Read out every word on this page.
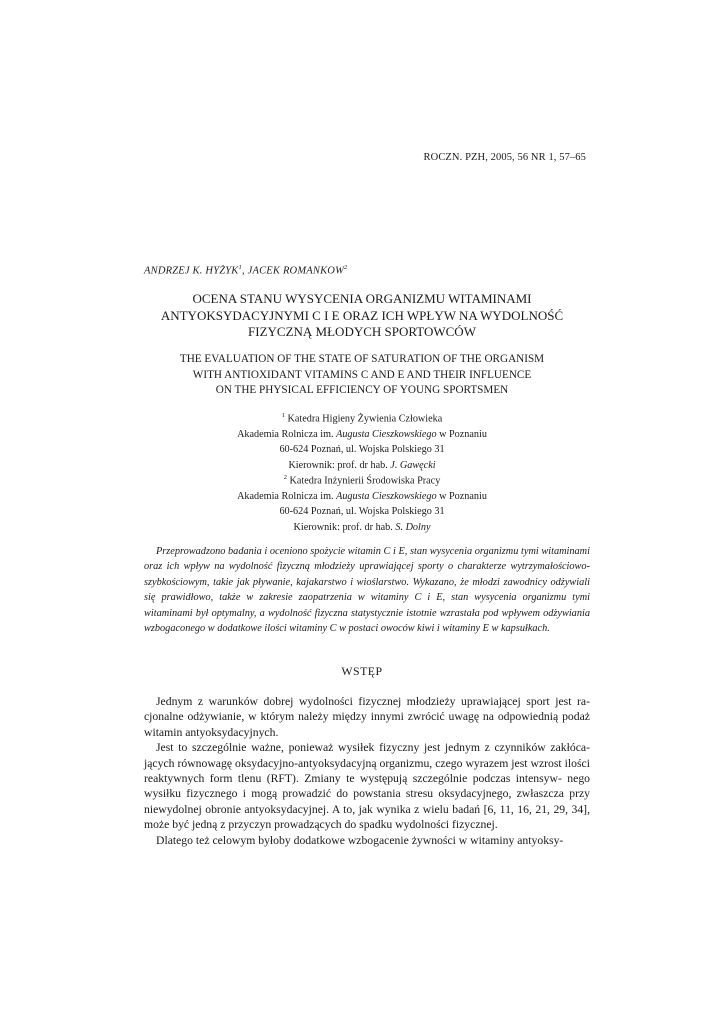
ROCZN. PZH, 2005, 56 NR 1, 57–65
ANDRZEJ K. HYŻYK$^1$, JACEK ROMANKOW$^2$
OCENA STANU WYSYCENIA ORGANIZMU WITAMINAMI
ANTYOKSYDACYJNYMI C I E ORAZ ICH WPŁYW NA WYDOLNOŚĆ
FIZYCZNĄ MŁODYCH SPORTOWCÓW
THE EVALUATION OF THE STATE OF SATURATION OF THE ORGANISM
WITH ANTIOXIDANT VITAMINS C AND E AND THEIR INFLUENCE
ON THE PHYSICAL EFFICIENCY OF YOUNG SPORTSMEN
$^1$ Katedra Higieny Żywienia Człowieka
Akademia Rolnicza im. Augusta Cieszkowskiego w Poznaniu
60-624 Poznań, ul. Wojska Polskiego 31
Kierownik: prof. dr hab. J. Gawęcki
$^2$ Katedra Inżynierii Środowiska Pracy
Akademia Rolnicza im. Augusta Cieszkowskiego w Poznaniu
60-624 Poznań, ul. Wojska Polskiego 31
Kierownik: prof. dr hab. S. Dolny
Przeprowadzono badania i oceniono spożycie witamin C i E, stan wysycenia organizmu tymi witaminami oraz ich wpływ na wydolność fizyczną młodzieży uprawiającej sporty o charakterze wytrzymałościowo-szybkościowym, takie jak pływanie, kajakarstwo i wioślarstwo. Wykazano, że młodzi zawodnicy odżywiali się prawidłowo, także w zakresie zaopatrzenia w witaminy C i E, stan wysycenia organizmu tymi witaminami był optymalny, a wydolność fizyczna statystycznie istotnie wzrastała pod wpływem odżywiania wzbogaconego w dodatkowe ilości witaminy C w postaci owoców kiwi i witaminy E w kapsułkach.
WSTĘP

Jednym z warunków dobrej wydolności fizycznej młodzieży uprawiającej sport jest ra- cjonalne odżywianie, w którym należy między innymi zwrócić uwagę na odpowiednią podaż witamin antyoksydacyjnych.

Jest to szczególnie ważne, ponieważ wysiłek fizyczny jest jednym z czynników zakłóca- jących równowagę oksydacyjno-antyoksydacyjną organizmu, czego wyrazem jest wzrost ilości reaktywnych form tlenu (RFT). Zmiany te występują szczególnie podczas intensyw- nego wysiłku fizycznego i mogą prowadzić do powstania stresu oksydacyjnego, zwłaszcza przy niewydolnej obronie antyoksydacyjnej. A to, jak wynika z wielu badań [6, 11, 16, 21, 29, 34], może być jedną z przyczyn prowadzących do spadku wydolności fizycznej.

Dlatego też celowym byłoby dodatkowe wzbogacenie żywności w witaminy antyoksy-
